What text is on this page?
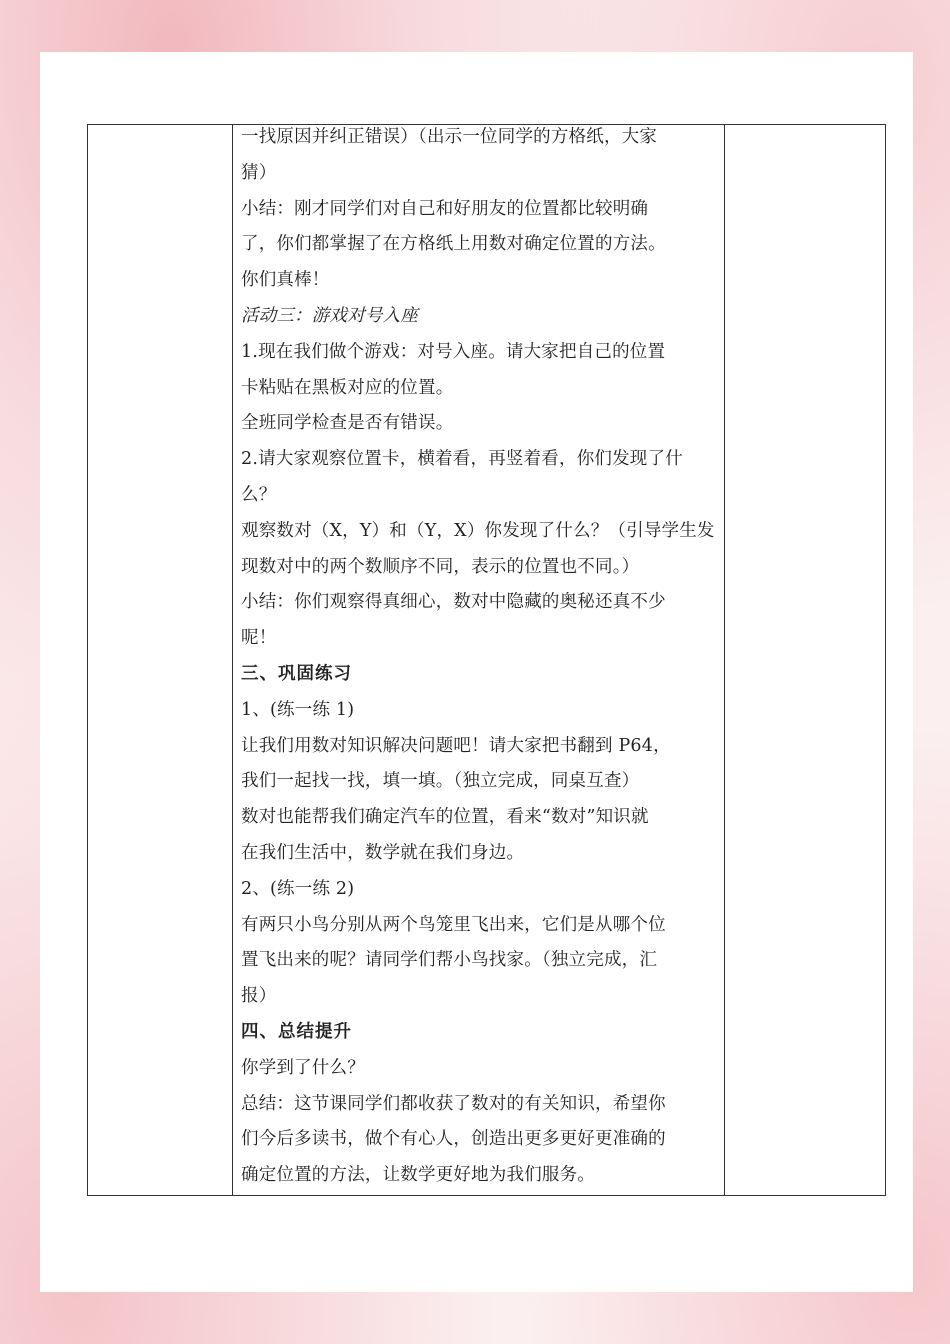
一找原因并纠正错误）（出示一位同学的方格纸，大家
猜）
小结：刚才同学们对自己和好朋友的位置都比较明确
了，你们都掌握了在方格纸上用数对确定位置的方法。
你们真棒！
活动三：游戏对号入座
1.现在我们做个游戏：对号入座。请大家把自己的位置
卡粘贴在黑板对应的位置。
全班同学检查是否有错误。
2.请大家观察位置卡，横着看，再竖着看，你们发现了什
么？
观察数对（X，Y）和（Y，X）你发现了什么？（引导学生发
现数对中的两个数顺序不同，表示的位置也不同。）
小结：你们观察得真细心，数对中隐藏的奥秘还真不少
呢！
三、巩固练习
1、(练一练 1)
让我们用数对知识解决问题吧！请大家把书翻到 P64，
我们一起找一找，填一填。（独立完成，同桌互查）
数对也能帮我们确定汽车的位置，看来“数对”知识就
在我们生活中，数学就在我们身边。
2、(练一练 2)
有两只小鸟分别从两个鸟笼里飞出来，它们是从哪个位
置飞出来的呢？请同学们帮小鸟找家。（独立完成，汇
报）
四、总结提升
你学到了什么？
总结：这节课同学们都收获了数对的有关知识，希望你
们今后多读书，做个有心人，创造出更多更好更准确的
确定位置的方法，让数学更好地为我们服务。
